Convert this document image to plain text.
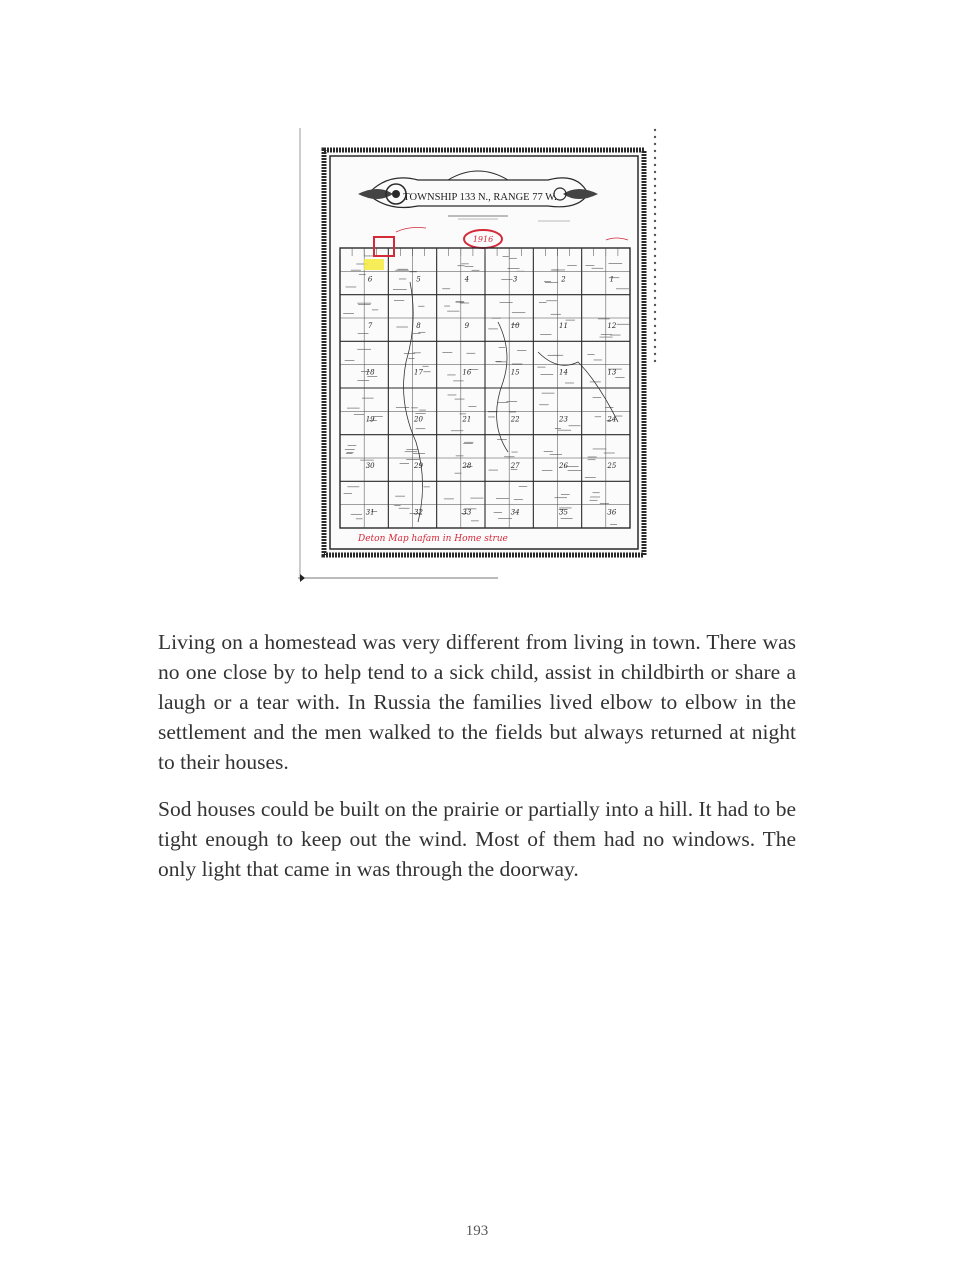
TOWNSHIP 133 N., RANGE 77 W.
1916
6	5	4	3	2	1
7	8	9	10	11	12
18	17	16	15	14	13
19	20	21	22	23	24
30	29	28	27	26	25
31	32	33	34	35	36
Deton Map hafam in Home strue

Living on a homestead was very different from living in town. There was no one close by to help tend to a sick child, assist in childbirth or share a laugh or a tear with. In Russia the families lived elbow to elbow in the settlement and the men walked to the fields but always returned at night to their houses.

Sod houses could be built on the prairie or partially into a hill. It had to be tight enough to keep out the wind. Most of them had no windows. The only light that came in was through the doorway.

193
